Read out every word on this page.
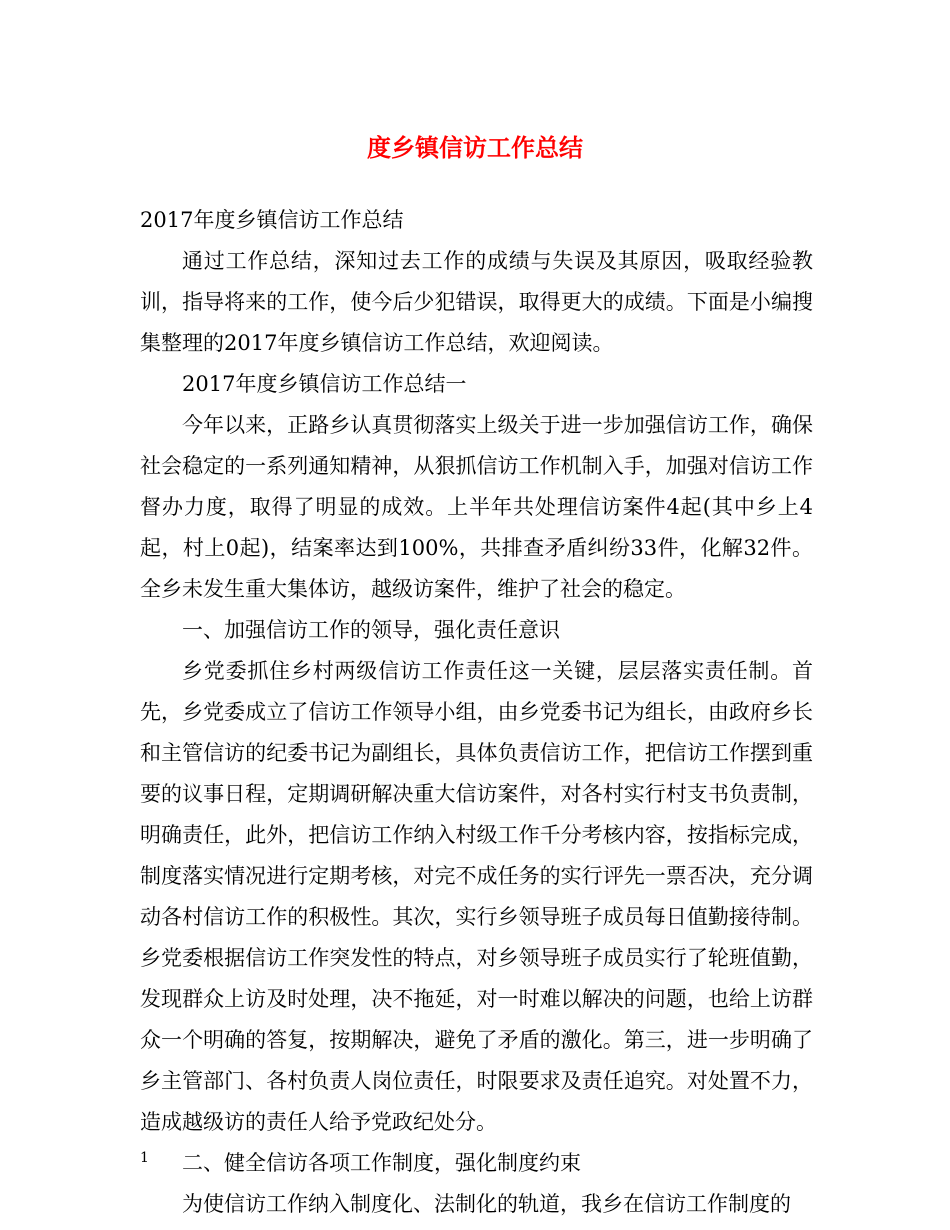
度乡镇信访工作总结

2017年度乡镇信访工作总结

通过工作总结，深知过去工作的成绩与失误及其原因，吸取经验教训，指导将来的工作，使今后少犯错误，取得更大的成绩。下面是小编搜集整理的2017年度乡镇信访工作总结，欢迎阅读。

2017年度乡镇信访工作总结一

今年以来，正路乡认真贯彻落实上级关于进一步加强信访工作，确保社会稳定的一系列通知精神，从狠抓信访工作机制入手，加强对信访工作督办力度，取得了明显的成效。上半年共处理信访案件4起(其中乡上4起，村上0起)，结案率达到100%，共排查矛盾纠纷33件，化解32件。全乡未发生重大集体访，越级访案件，维护了社会的稳定。

一、加强信访工作的领导，强化责任意识

乡党委抓住乡村两级信访工作责任这一关键，层层落实责任制。首先，乡党委成立了信访工作领导小组，由乡党委书记为组长，由政府乡长和主管信访的纪委书记为副组长，具体负责信访工作，把信访工作摆到重要的议事日程，定期调研解决重大信访案件，对各村实行村支书负责制，明确责任，此外，把信访工作纳入村级工作千分考核内容，按指标完成，制度落实情况进行定期考核，对完不成任务的实行评先一票否决，充分调动各村信访工作的积极性。其次，实行乡领导班子成员每日值勤接待制。乡党委根据信访工作突发性的特点，对乡领导班子成员实行了轮班值勤，发现群众上访及时处理，决不拖延，对一时难以解决的问题，也给上访群众一个明确的答复，按期解决，避免了矛盾的激化。第三，进一步明确了乡主管部门、各村负责人岗位责任，时限要求及责任追究。对处置不力，造成越级访的责任人给予党政纪处分。

二、健全信访各项工作制度，强化制度约束

为使信访工作纳入制度化、法制化的轨道，我乡在信访工作制度的

1
